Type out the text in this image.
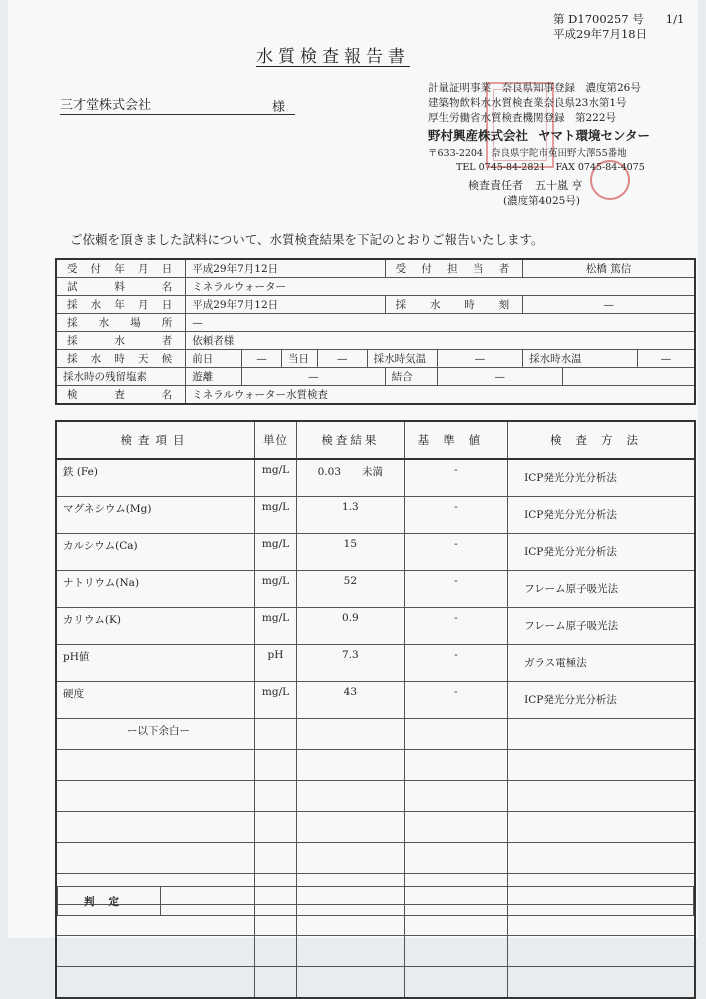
第 D1700257 号 1/1
平成29年7月18日
水質検査報告書
三才堂株式会社	様
計量証明事業　奈良県知事登録　濃度第26号
建築物飲料水水質検査業奈良県23水第1号
厚生労働省水質検査機関登録　第222号
野村興産株式会社 ヤマト環境センター
〒633-2204 奈良県宇陀市菟田野大澤55番地
TEL 0745-84-2821 FAX 0745-84-4075
検査責任者 五十嵐 亨
(濃度第4025号)
ご依頼を頂きました試料について、水質検査結果を下記のとおりご報告いたします。
受付年月日	平成29年7月12日					受付担当者		松橋 篤信		
試料名	ミネラルウォーター									
採水年月日	平成29年7月12日					採水時刻		—		
採水場所	—									
採水者	依頼者様									
採水時天候	前日	—	当日	—	採水時気温		—	採水時水温		—
採水時の残留塩素	遊離	—				結合	—			
検査名	ミネラルウォーター水質検査									
検査項目	単位	検査結果	基準値	検査方法
鉄 (Fe)	mg/L	0.03　　未満	-	ICP発光分光分析法
マグネシウム(Mg)	mg/L	1.3	-	ICP発光分光分析法
カルシウム(Ca)	mg/L	15	-	ICP発光分光分析法
ナトリウム(Na)	mg/L	52	-	フレーム原子吸光法
カリウム(K)	mg/L	0.9	-	フレーム原子吸光法
pH値	pH	7.3	-	ガラス電極法
硬度	mg/L	43	-	ICP発光分光分析法
ー以下余白ー				

判定	
